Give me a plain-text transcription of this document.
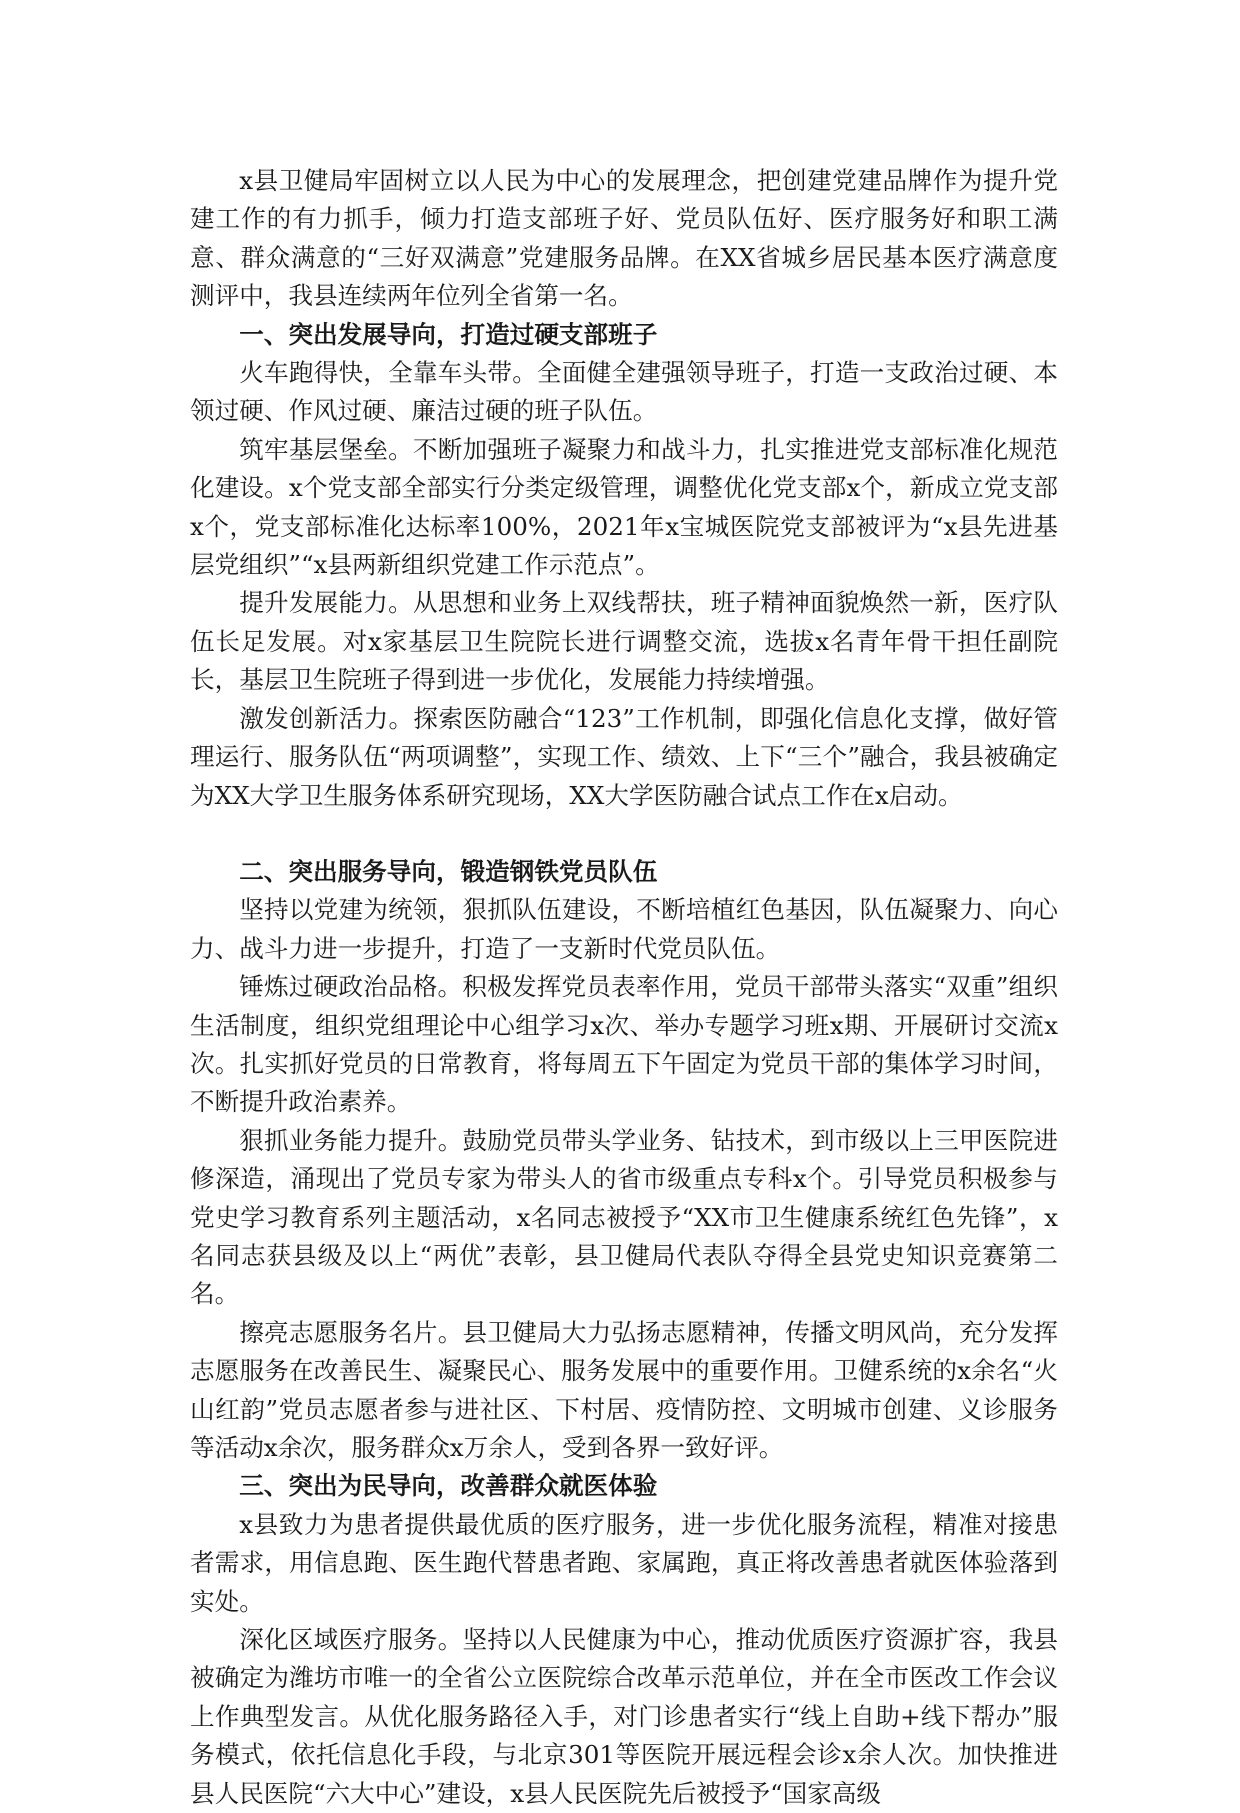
x县卫健局牢固树立以人民为中心的发展理念，把创建党建品牌作为提升党建工作的有力抓手，倾力打造支部班子好、党员队伍好、医疗服务好和职工满意、群众满意的“三好双满意”党建服务品牌。在XX省城乡居民基本医疗满意度测评中，我县连续两年位列全省第一名。

一、突出发展导向，打造过硬支部班子

火车跑得快，全靠车头带。全面健全建强领导班子，打造一支政治过硬、本领过硬、作风过硬、廉洁过硬的班子队伍。

筑牢基层堡垒。不断加强班子凝聚力和战斗力，扎实推进党支部标准化规范化建设。x个党支部全部实行分类定级管理，调整优化党支部x个，新成立党支部x个，党支部标准化达标率100%，2021年x宝城医院党支部被评为“x县先进基层党组织”“x县两新组织党建工作示范点”。

提升发展能力。从思想和业务上双线帮扶，班子精神面貌焕然一新，医疗队伍长足发展。对x家基层卫生院院长进行调整交流，选拔x名青年骨干担任副院长，基层卫生院班子得到进一步优化，发展能力持续增强。

激发创新活力。探索医防融合“123”工作机制，即强化信息化支撑，做好管理运行、服务队伍“两项调整”，实现工作、绩效、上下“三个”融合，我县被确定为XX大学卫生服务体系研究现场，XX大学医防融合试点工作在x启动。

二、突出服务导向，锻造钢铁党员队伍

坚持以党建为统领，狠抓队伍建设，不断培植红色基因，队伍凝聚力、向心力、战斗力进一步提升，打造了一支新时代党员队伍。

锤炼过硬政治品格。积极发挥党员表率作用，党员干部带头落实“双重”组织生活制度，组织党组理论中心组学习x次、举办专题学习班x期、开展研讨交流x次。扎实抓好党员的日常教育，将每周五下午固定为党员干部的集体学习时间，不断提升政治素养。

狠抓业务能力提升。鼓励党员带头学业务、钻技术，到市级以上三甲医院进修深造，涌现出了党员专家为带头人的省市级重点专科x个。引导党员积极参与党史学习教育系列主题活动，x名同志被授予“XX市卫生健康系统红色先锋”，x名同志获县级及以上“两优”表彰，县卫健局代表队夺得全县党史知识竞赛第二名。

擦亮志愿服务名片。县卫健局大力弘扬志愿精神，传播文明风尚，充分发挥志愿服务在改善民生、凝聚民心、服务发展中的重要作用。卫健系统的x余名“火山红韵”党员志愿者参与进社区、下村居、疫情防控、文明城市创建、义诊服务等活动x余次，服务群众x万余人，受到各界一致好评。

三、突出为民导向，改善群众就医体验

x县致力为患者提供最优质的医疗服务，进一步优化服务流程，精准对接患者需求，用信息跑、医生跑代替患者跑、家属跑，真正将改善患者就医体验落到实处。

深化区域医疗服务。坚持以人民健康为中心，推动优质医疗资源扩容，我县被确定为潍坊市唯一的全省公立医院综合改革示范单位，并在全市医改工作会议上作典型发言。从优化服务路径入手，对门诊患者实行“线上自助+线下帮办”服务模式，依托信息化手段，与北京301等医院开展远程会诊x余人次。加快推进县人民医院“六大中心”建设，x县人民医院先后被授予“国家高级
